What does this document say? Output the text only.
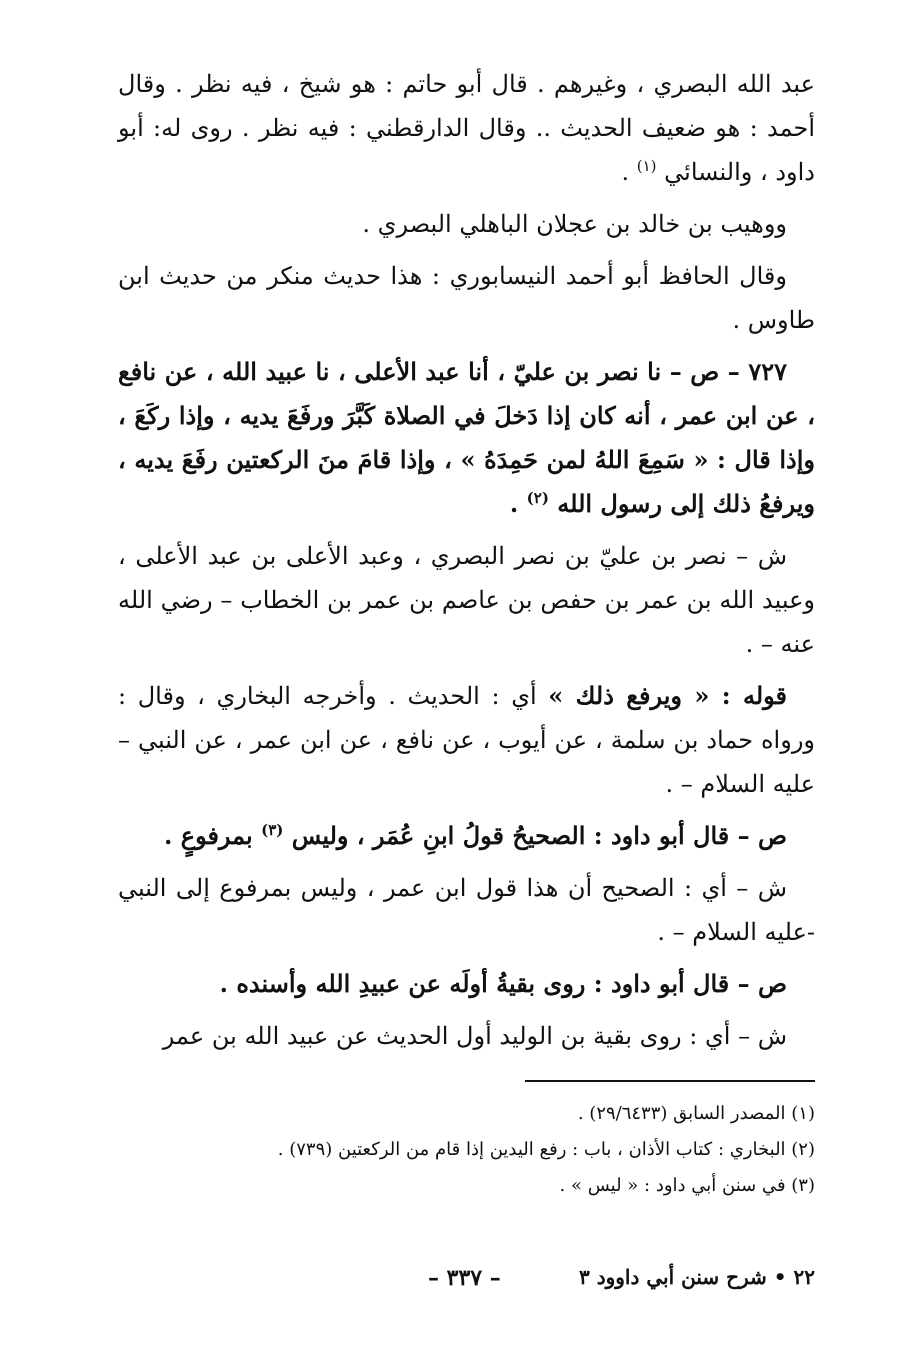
عبد الله البصري ، وغيرهم . قال أبو حاتم : هو شيخ ، فيه نظر . وقال أحمد : هو ضعيف الحديث .. وقال الدارقطني : فيه نظر . روى له: أبو داود ، والنسائي $^{(١)}$ .

ووهيب بن خالد بن عجلان الباهلي البصري .

وقال الحافظ أبو أحمد النيسابوري : هذا حديث منكر من حديث ابن طاوس .

٧٢٧ – ص – نا نصر بن عليّ ، أنا عبد الأعلى ، نا عبيد الله ، عن نافع ، عن ابن عمر ، أنه كان إذا دَخلَ في الصلاة كَبَّرَ ورفَعَ يديه ، وإذا ركَعَ ، وإذا قال : « سَمِعَ اللهُ لمن حَمِدَهُ » ، وإذا قامَ منَ الركعتين رفَعَ يديه ، ويرفعُ ذلك إلى رسول الله $^{(٢)}$ .

ش – نصر بن عليّ بن نصر البصري ، وعبد الأعلى بن عبد الأعلى ، وعبيد الله بن عمر بن حفص بن عاصم بن عمر بن الخطاب – رضي الله عنه – .

قوله : « ويرفع ذلك » أي : الحديث . وأخرجه البخاري ، وقال : ورواه حماد بن سلمة ، عن أيوب ، عن نافع ، عن ابن عمر ، عن النبي – عليه السلام – .

ص – قال أبو داود : الصحيحُ قولُ ابنِ عُمَر ، وليس $^{(٣)}$ بمرفوعٍ .

ش – أي : الصحيح أن هذا قول ابن عمر ، وليس بمرفوع إلى النبي -عليه السلام – .

ص – قال أبو داود : روى بقيةُ أولَه عن عبيدِ الله وأسنده .

ش – أي : روى بقية بن الوليد أول الحديث عن عبيد الله بن عمر

(١) المصدر السابق (٢٩/٦٤٣٣) .

(٢) البخاري : كتاب الأذان ، باب : رفع اليدين إذا قام من الركعتين (٧٣٩) .

(٣) في سنن أبي داود : « ليس » .

٢٢ • شرح سنن أبي داوود ٣
– ٣٣٧ –
